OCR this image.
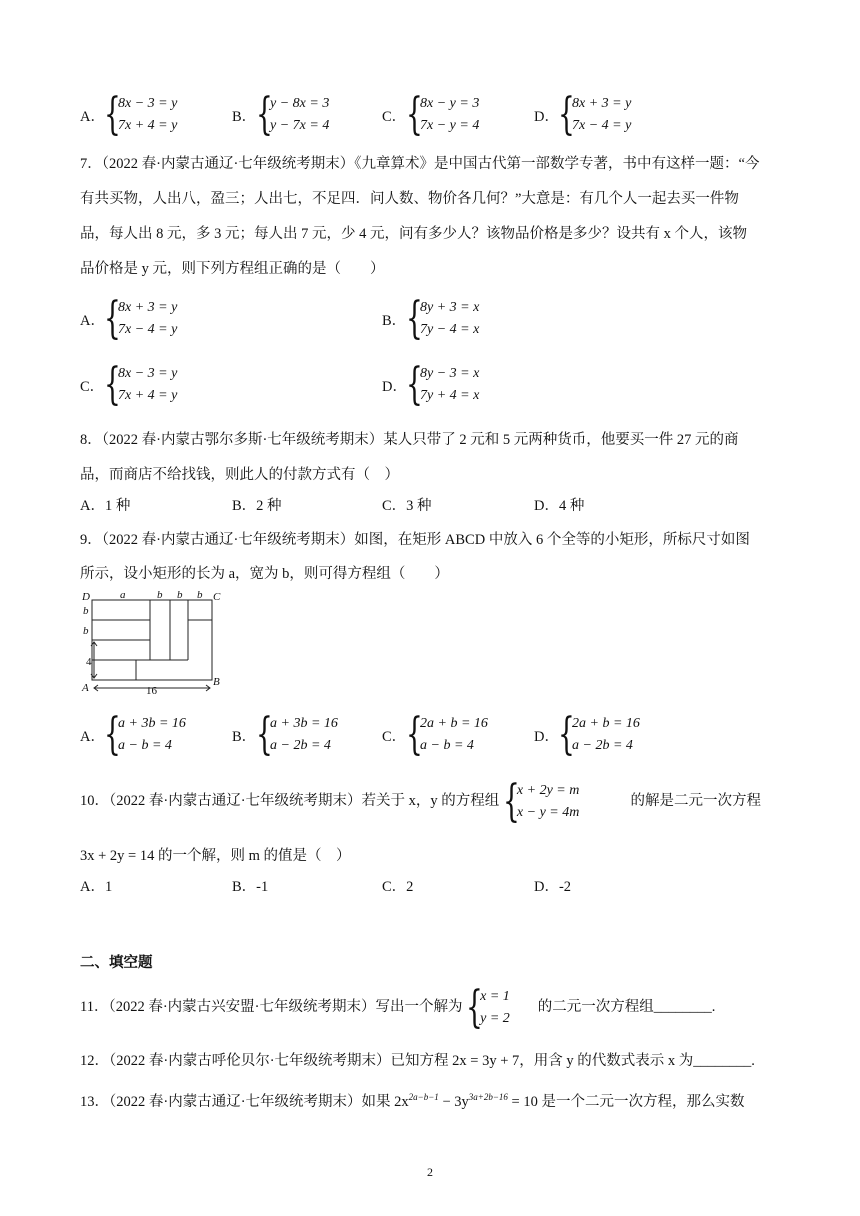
A． {
8x − 3 = y
7x + 4 = y
B． {
y − 8x = 3
y − 7x = 4
C． {
8x − y = 3
7x − y = 4
D． {
8x + 3 = y
7x − 4 = y
7．（2022 春·内蒙古通辽·七年级统考期末）《九章算术》是中国古代第一部数学专著，书中有这样一题：“今
有共买物，人出八，盈三；人出七，不足四．问人数、物价各几何？”大意是：有几个人一起去买一件物
品，每人出 8 元，多 3 元；每人出 7 元，少 4 元，问有多少人？该物品价格是多少？设共有 x 个人，该物
品价格是 y 元，则下列方程组正确的是（　　）
A． {
8x + 3 = y
7x − 4 = y
B． {
8y + 3 = x
7y − 4 = x
C． {
8x − 3 = y
7x + 4 = y
D． {
8y − 3 = x
7y + 4 = x
8．（2022 春·内蒙古鄂尔多斯·七年级统考期末）某人只带了 2 元和 5 元两种货币，他要买一件 27 元的商
品，而商店不给找钱，则此人的付款方式有（　）
A．1 种	B．2 种	C．3 种	D．4 种
9．（2022 春·内蒙古通辽·七年级统考期末）如图，在矩形 ABCD 中放入 6 个全等的小矩形，所标尺寸如图
所示，设小矩形的长为 a，宽为 b，则可得方程组（　　）
D	C
A	B
a	b b b
b
b
4
16
A． {
a + 3b = 16
a − b = 4
B． {
a + 3b = 16
a − 2b = 4
C． {
2a + b = 16
a − b = 4
D． {
2a + b = 16
a − 2b = 4
10．（2022 春·内蒙古通辽·七年级统考期末）若关于 x，y 的方程组 {
x + 2y = m
x − y = 4m
的解是二元一次方程
3x + 2y = 14 的一个解，则 m 的值是（　）
A．1	B．-1	C．2	D．-2
二、填空题
11．（2022 春·内蒙古兴安盟·七年级统考期末）写出一个解为 {
x = 1
y = 2
的二元一次方程组________.
12．（2022 春·内蒙古呼伦贝尔·七年级统考期末）已知方程 2x = 3y + 7，用含 y 的代数式表示 x 为________.
13．（2022 春·内蒙古通辽·七年级统考期末）如果 $2x^{2a-b-1} - 3y^{3a+2b-16} = 10$ 是一个二元一次方程，那么实数
2
